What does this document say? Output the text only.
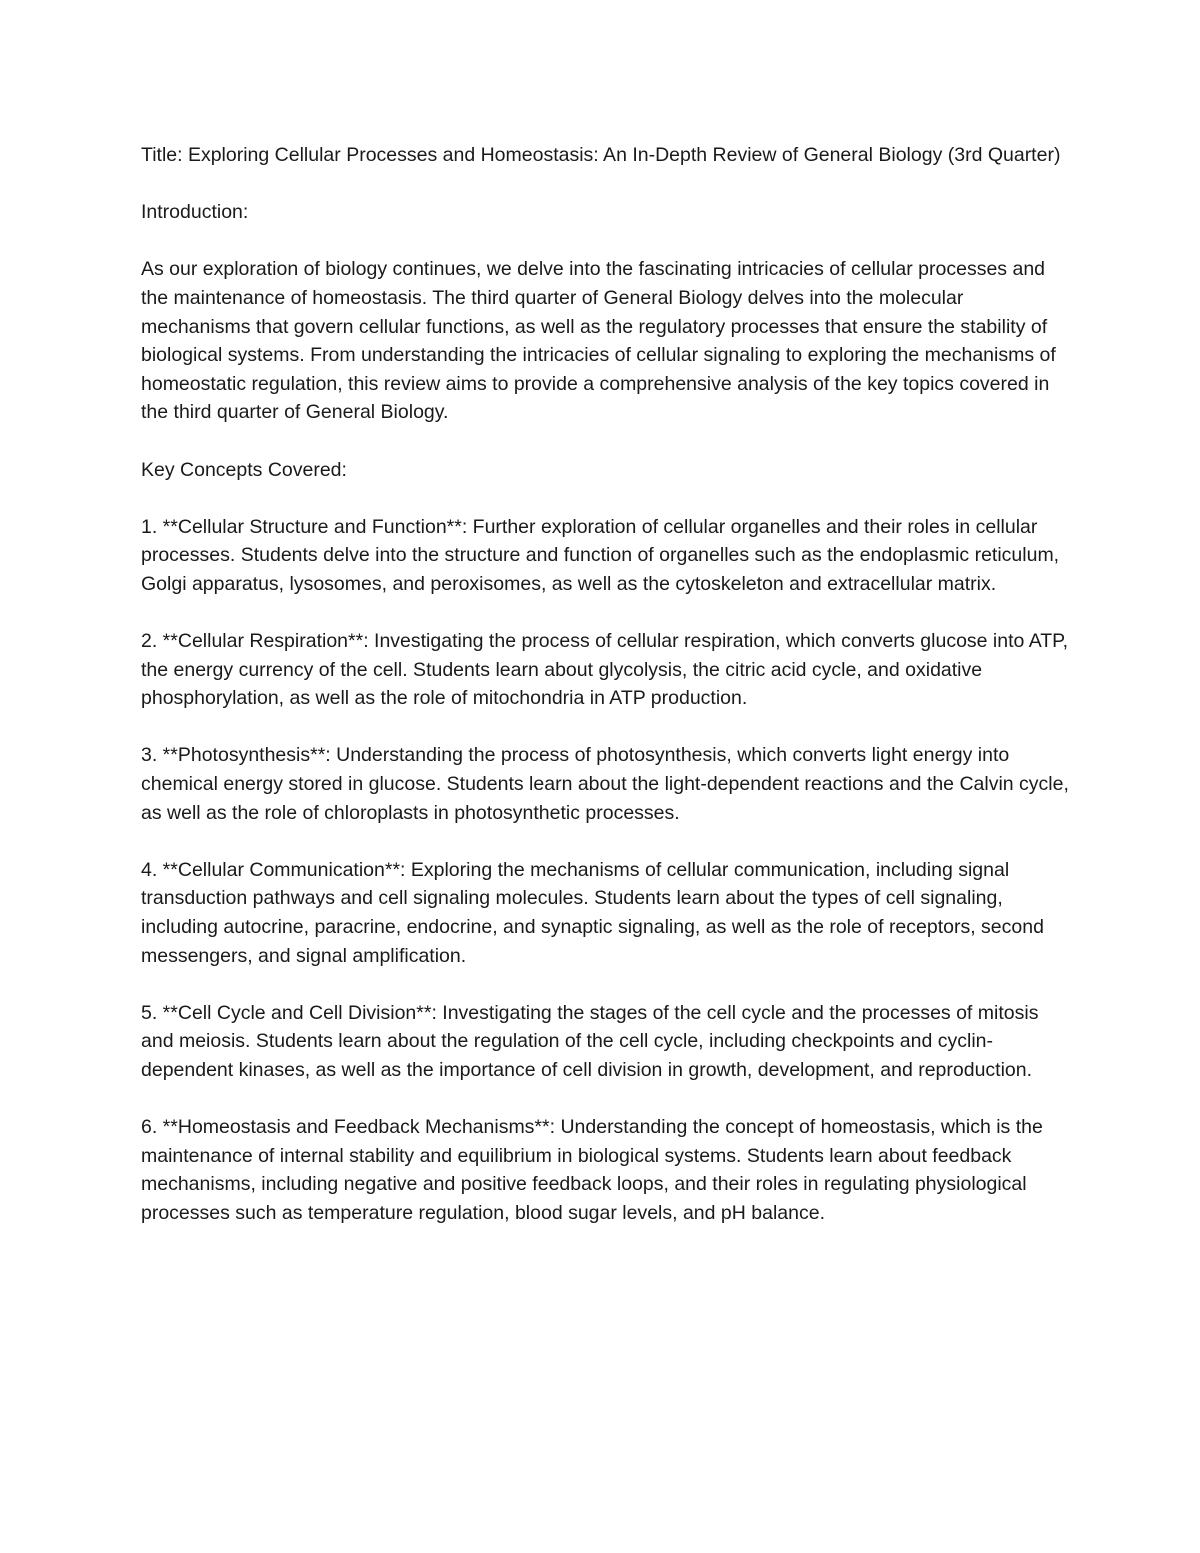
Title: Exploring Cellular Processes and Homeostasis: An In-Depth Review of General Biology (3rd Quarter)

Introduction:

As our exploration of biology continues, we delve into the fascinating intricacies of cellular processes and the maintenance of homeostasis. The third quarter of General Biology delves into the molecular mechanisms that govern cellular functions, as well as the regulatory processes that ensure the stability of biological systems. From understanding the intricacies of cellular signaling to exploring the mechanisms of homeostatic regulation, this review aims to provide a comprehensive analysis of the key topics covered in the third quarter of General Biology.

Key Concepts Covered:

1. **Cellular Structure and Function**: Further exploration of cellular organelles and their roles in cellular processes. Students delve into the structure and function of organelles such as the endoplasmic reticulum, Golgi apparatus, lysosomes, and peroxisomes, as well as the cytoskeleton and extracellular matrix.

2. **Cellular Respiration**: Investigating the process of cellular respiration, which converts glucose into ATP, the energy currency of the cell. Students learn about glycolysis, the citric acid cycle, and oxidative phosphorylation, as well as the role of mitochondria in ATP production.

3. **Photosynthesis**: Understanding the process of photosynthesis, which converts light energy into chemical energy stored in glucose. Students learn about the light-dependent reactions and the Calvin cycle, as well as the role of chloroplasts in photosynthetic processes.

4. **Cellular Communication**: Exploring the mechanisms of cellular communication, including signal transduction pathways and cell signaling molecules. Students learn about the types of cell signaling, including autocrine, paracrine, endocrine, and synaptic signaling, as well as the role of receptors, second messengers, and signal amplification.

5. **Cell Cycle and Cell Division**: Investigating the stages of the cell cycle and the processes of mitosis and meiosis. Students learn about the regulation of the cell cycle, including checkpoints and cyclin-dependent kinases, as well as the importance of cell division in growth, development, and reproduction.

6. **Homeostasis and Feedback Mechanisms**: Understanding the concept of homeostasis, which is the maintenance of internal stability and equilibrium in biological systems. Students learn about feedback mechanisms, including negative and positive feedback loops, and their roles in regulating physiological processes such as temperature regulation, blood sugar levels, and pH balance.
